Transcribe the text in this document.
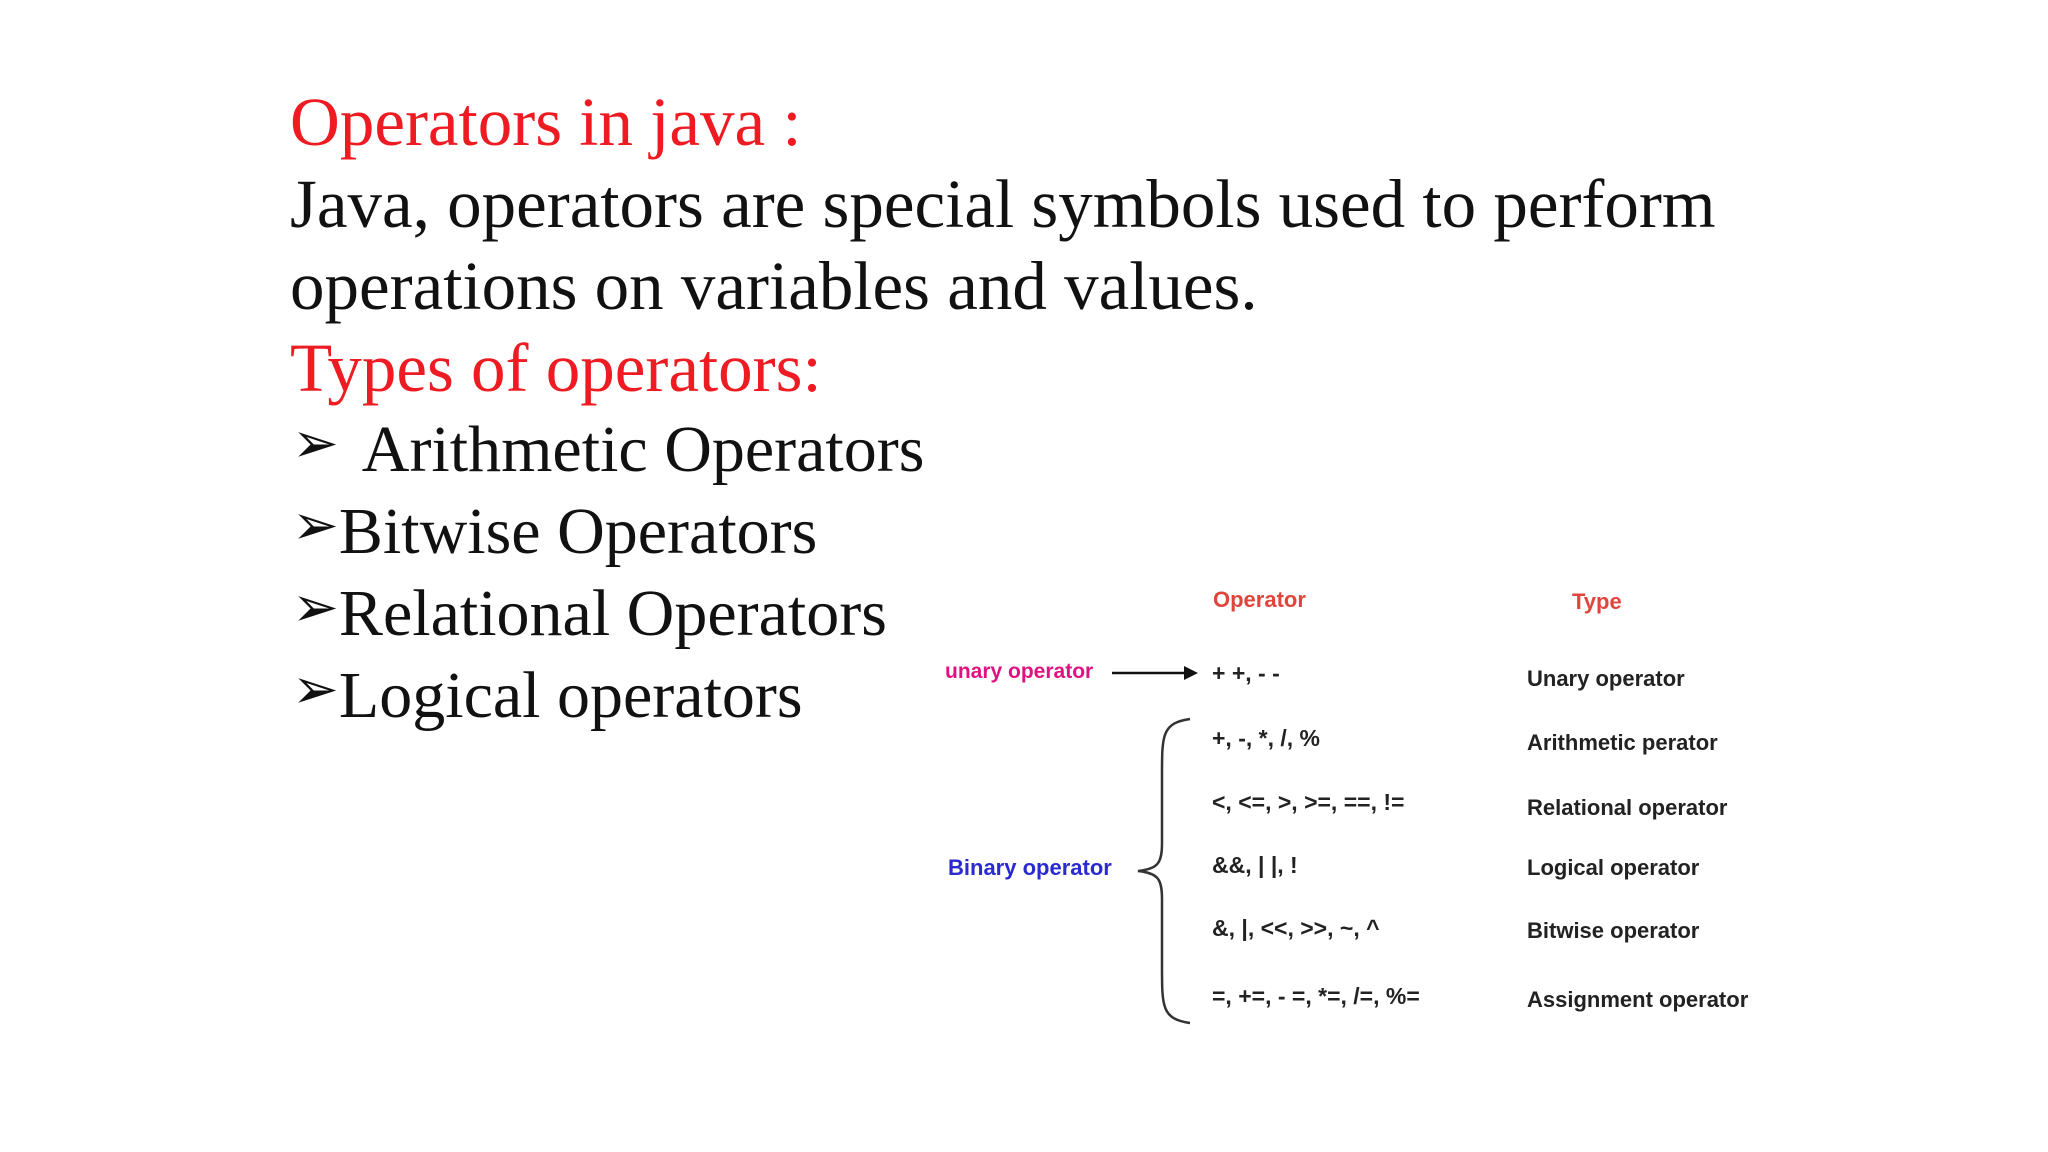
Operators in java :
Java, operators are special symbols used to perform
operations on variables and values.
Types of operators:
➢ Arithmetic Operators
➢Bitwise Operators
➢Relational Operators
➢Logical operators
Operator	Type
unary operator
Binary operator
+ +, - -	Unary operator
+, -, *, /, %	Arithmetic perator
<, <=, >, >=, ==, !=	Relational operator
&&, | |, !	Logical operator
&, |, <<, >>, ~, ^	Bitwise operator
=, +=, - =, *=, /=, %=	Assignment operator
